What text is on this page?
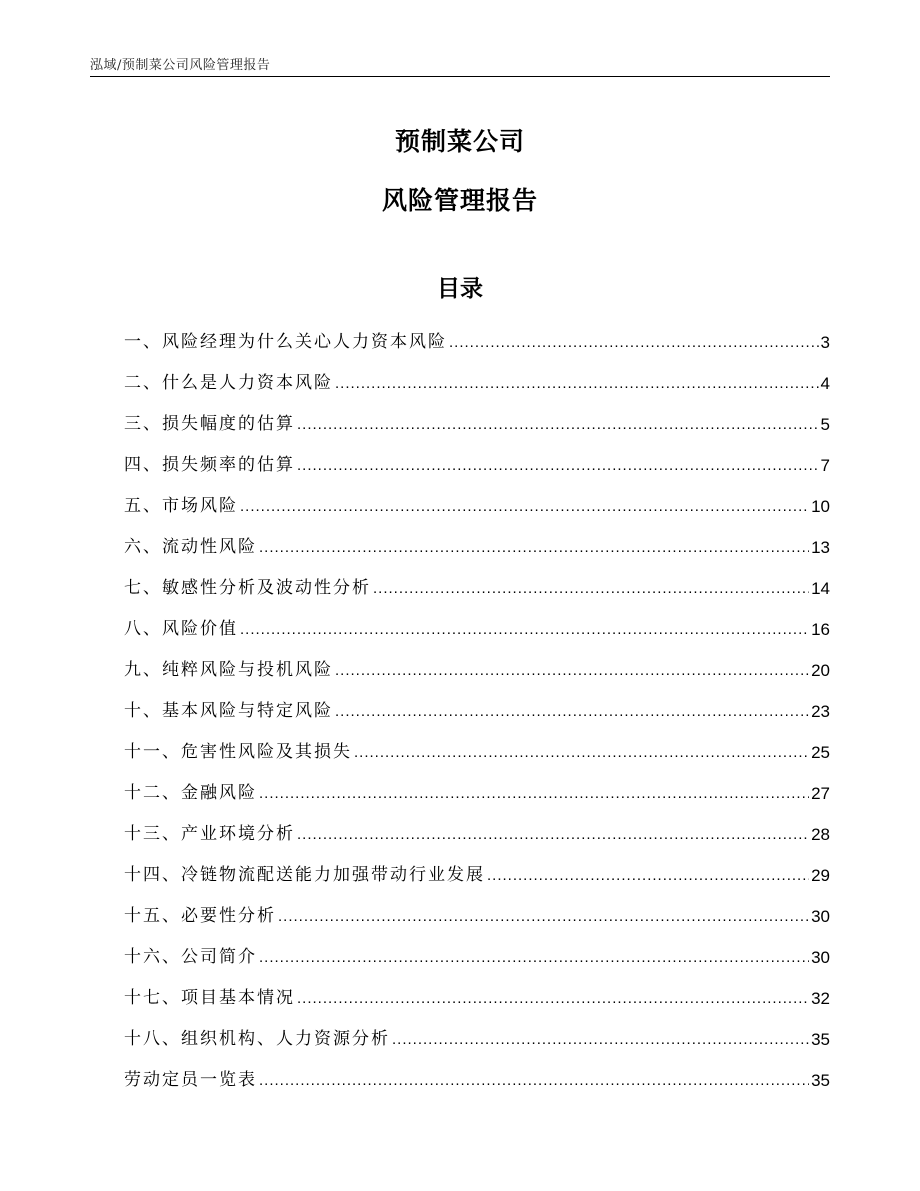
泓域/预制菜公司风险管理报告
预制菜公司
风险管理报告
目录
一、 风险经理为什么关心人力资本风险 .....	3
二、 什么是人力资本风险 .....	4
三、 损失幅度的估算 .....	5
四、 损失频率的估算 .....	7
五、 市场风险 .....	10
六、 流动性风险 .....	13
七、 敏感性分析及波动性分析 .....	14
八、 风险价值 .....	16
九、 纯粹风险与投机风险 .....	20
十、 基本风险与特定风险 .....	23
十一、 危害性风险及其损失 .....	25
十二、 金融风险 .....	27
十三、 产业环境分析 .....	28
十四、 冷链物流配送能力加强带动行业发展 .....	29
十五、 必要性分析 .....	30
十六、 公司简介 .....	30
十七、 项目基本情况 .....	32
十八、 组织机构、人力资源分析 .....	35
劳动定员一览表 .....	35
